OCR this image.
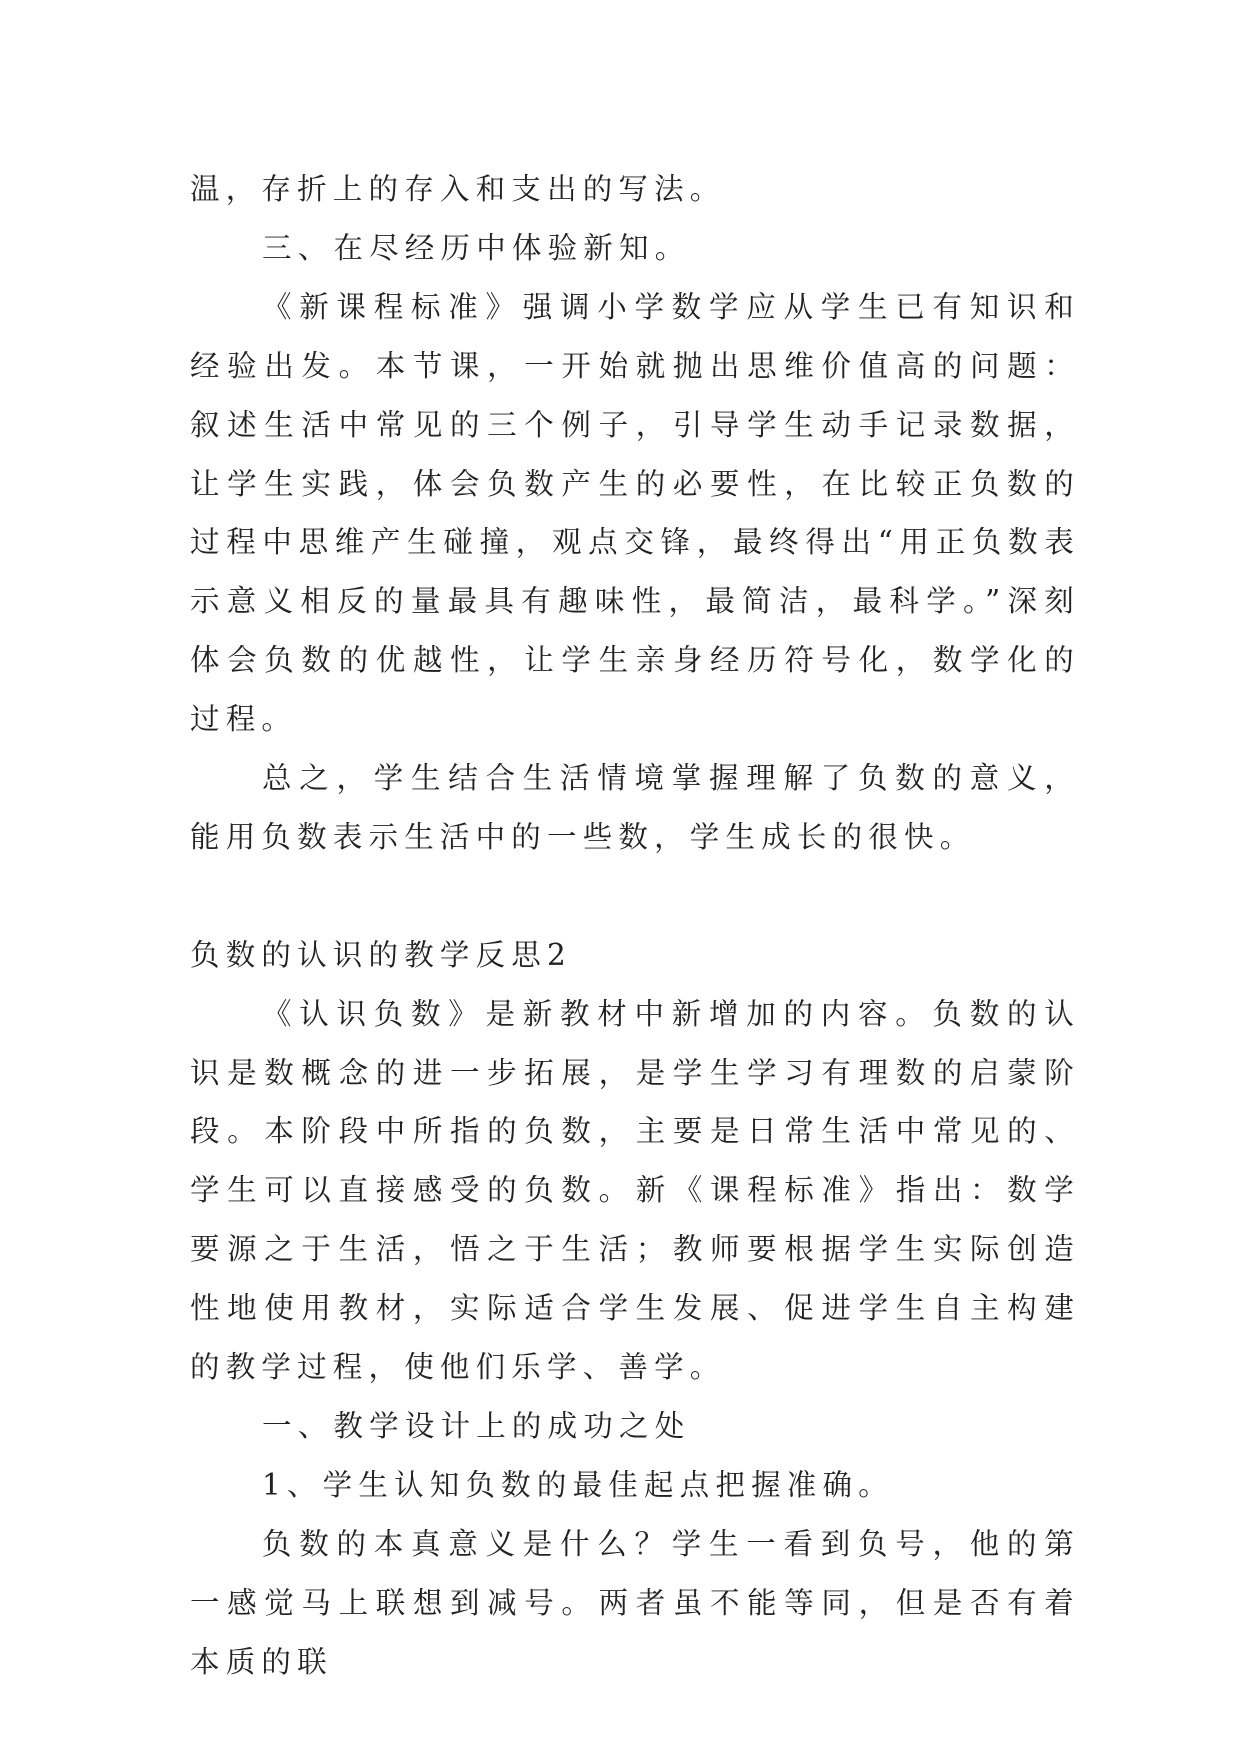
温，存折上的存入和支出的写法。

三、在尽经历中体验新知。

《新课程标准》强调小学数学应从学生已有知识和经验出发。本节课，一开始就抛出思维价值高的问题：叙述生活中常见的三个例子，引导学生动手记录数据，让学生实践，体会负数产生的必要性，在比较正负数的过程中思维产生碰撞，观点交锋，最终得出“用正负数表示意义相反的量最具有趣味性，最简洁，最科学。”深刻体会负数的优越性，让学生亲身经历符号化，数学化的过程。

总之，学生结合生活情境掌握理解了负数的意义，能用负数表示生活中的一些数，学生成长的很快。

负数的认识的教学反思2

《认识负数》是新教材中新增加的内容。负数的认识是数概念的进一步拓展，是学生学习有理数的启蒙阶段。本阶段中所指的负数，主要是日常生活中常见的、学生可以直接感受的负数。新《课程标准》指出：数学要源之于生活，悟之于生活；教师要根据学生实际创造性地使用教材，实际适合学生发展、促进学生自主构建的教学过程，使他们乐学、善学。

一、教学设计上的成功之处

1、学生认知负数的最佳起点把握准确。

负数的本真意义是什么？学生一看到负号，他的第一感觉马上联想到减号。两者虽不能等同，但是否有着本质的联
